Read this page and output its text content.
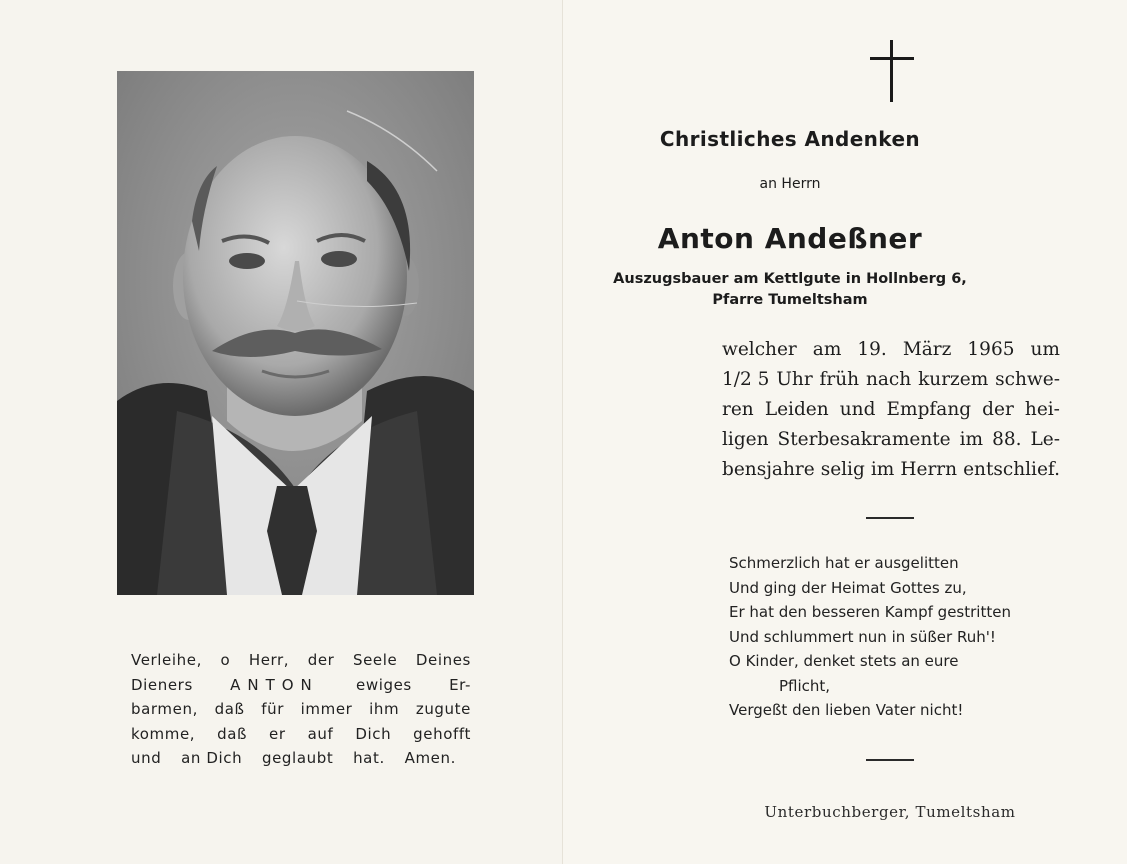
Verleihe, o Herr, der Seele Deines
Dieners ANTON ewiges Er-
barmen, daß für immer ihm zugute
komme, daß er auf Dich gehofft
und an Dich geglaubt hat. Amen.
Christliches Andenken
an Herrn
Anton Andeßner
Auszugsbauer am Kettlgute in Hollnberg 6,
Pfarre Tumeltsham
welcher am 19. März 1965 um
1/2 5 Uhr früh nach kurzem schwe-
ren Leiden und Empfang der hei-
ligen Sterbesakramente im 88. Le-
bensjahre selig im Herrn entschlief.
Schmerzlich hat er ausgelitten
Und ging der Heimat Gottes zu,
Er hat den besseren Kampf gestritten
Und schlummert nun in süßer Ruh'!
O Kinder, denket stets an eure
Pflicht,
Vergeßt den lieben Vater nicht!
Unterbuchberger, Tumeltsham
